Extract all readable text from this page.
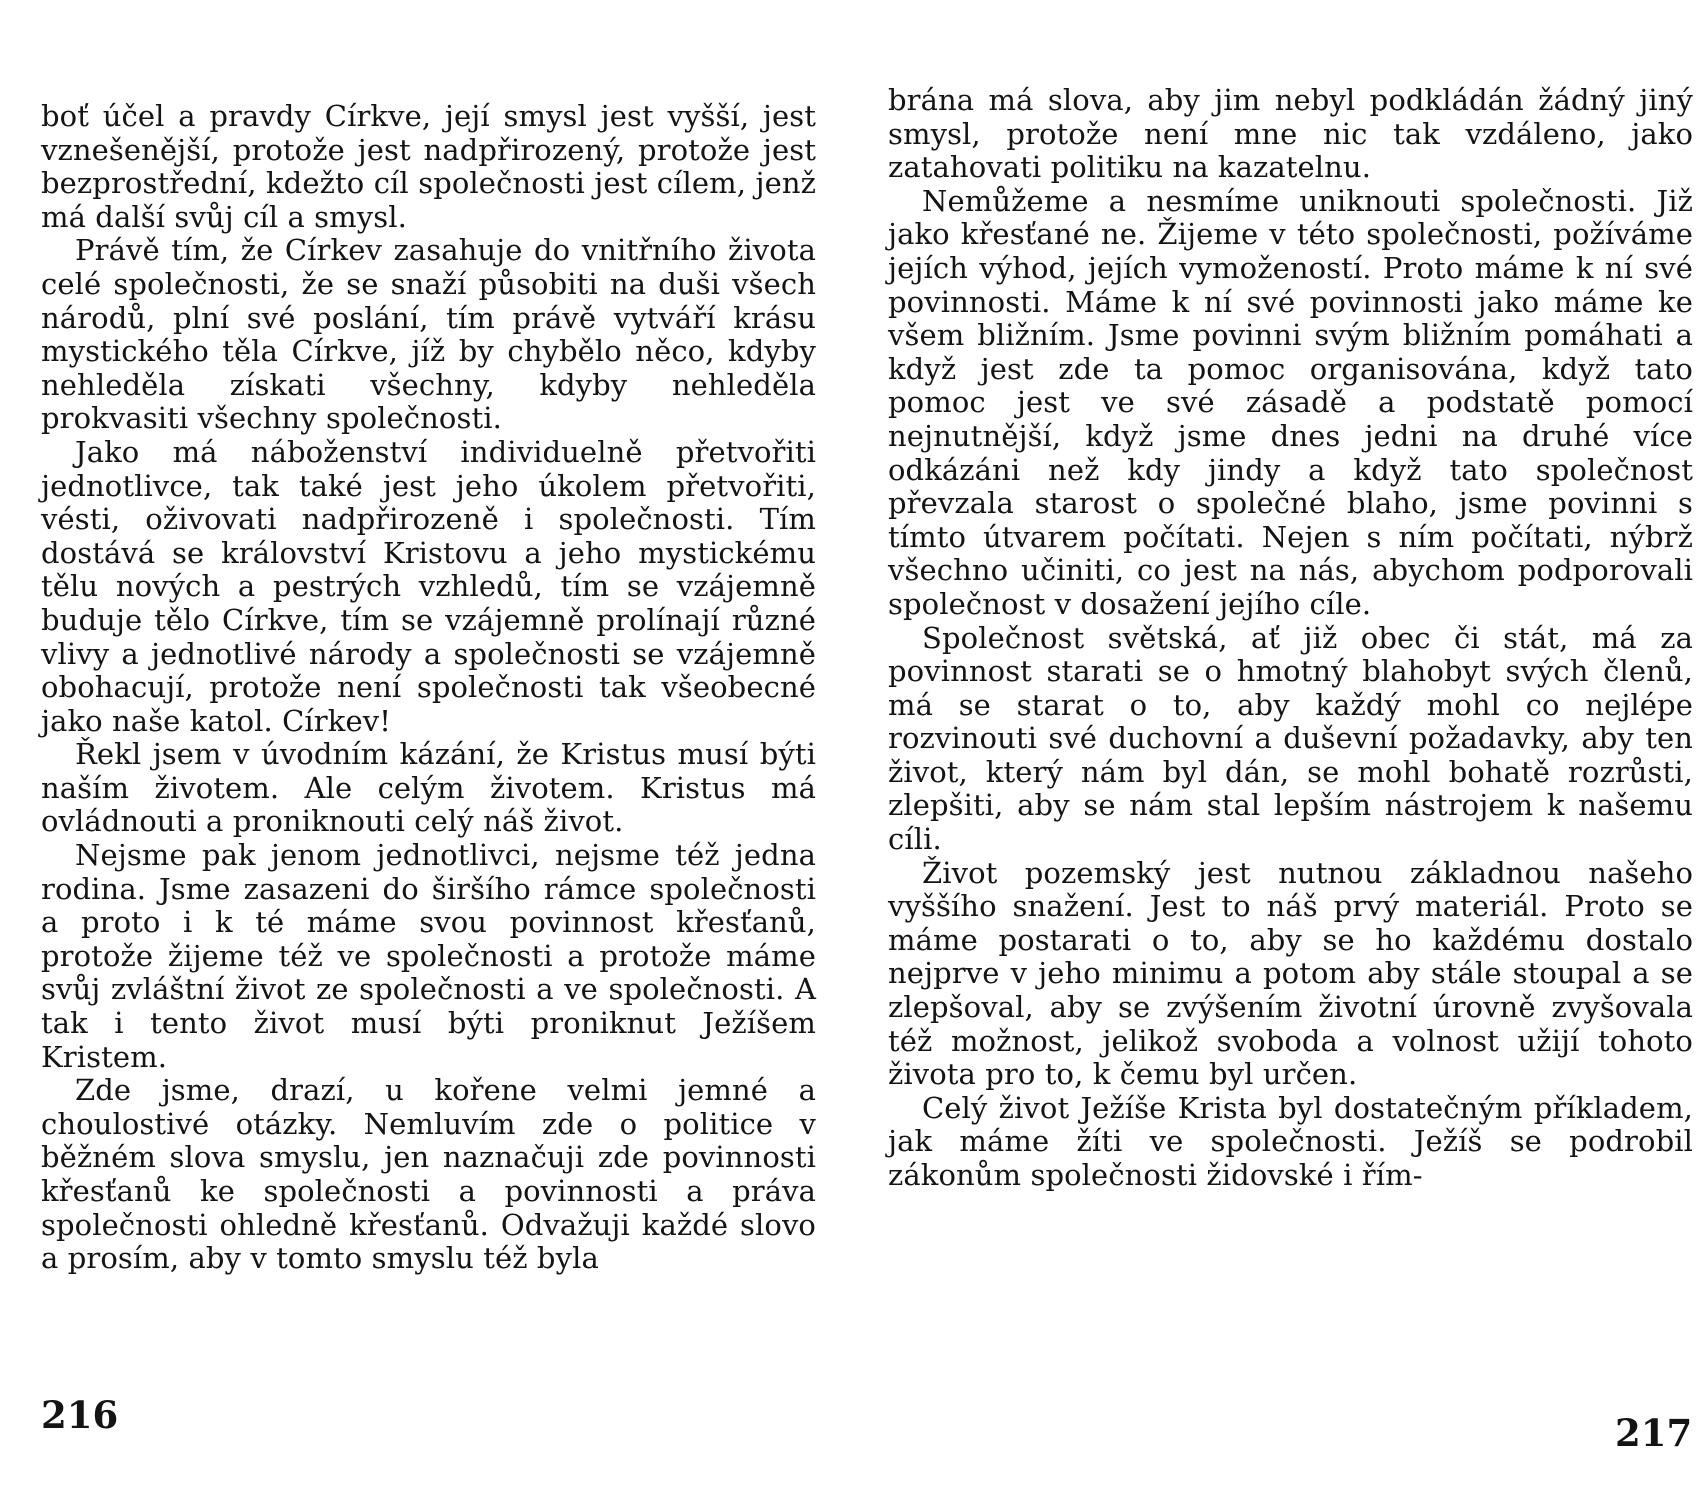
boť účel a pravdy Církve, její smysl jest vyšší, jest vznešenější, protože jest nadpřirozený, protože jest bezprostřední, kdežto cíl společnosti jest cílem, jenž má další svůj cíl a smysl.

Právě tím, že Církev zasahuje do vnitřního života celé společnosti, že se snaží působiti na duši všech národů, plní své poslání, tím právě vytváří krásu mystického těla Církve, jíž by chybělo něco, kdyby nehleděla získati všechny, kdyby nehleděla prokvasiti všechny společnosti.

Jako má náboženství individuelně přetvořiti jednotlivce, tak také jest jeho úkolem přetvořiti, vésti, oživovati nadpřirozeně i společnosti. Tím dostává se království Kristovu a jeho mystickému tělu nových a pestrých vzhledů, tím se vzájemně buduje tělo Církve, tím se vzájemně prolínají různé vlivy a jednotlivé národy a společnosti se vzájemně obohacují, protože není společnosti tak všeobecné jako naše katol. Církev!

Řekl jsem v úvodním kázání, že Kristus musí býti naším životem. Ale celým životem. Kristus má ovládnouti a proniknouti celý náš život.

Nejsme pak jenom jednotlivci, nejsme též jedna rodina. Jsme zasazeni do širšího rámce společnosti a proto i k té máme svou povinnost křesťanů, protože žijeme též ve společnosti a protože máme svůj zvláštní život ze společnosti a ve společnosti. A tak i tento život musí býti proniknut Ježíšem Kristem.

Zde jsme, drazí, u kořene velmi jemné a choulostivé otázky. Nemluvím zde o politice v běžném slova smyslu, jen naznačuji zde povinnosti křesťanů ke společnosti a povinnosti a práva společnosti ohledně křesťanů. Odvažuji každé slovo a prosím, aby v tomto smyslu též byla

216

brána má slova, aby jim nebyl podkládán žádný jiný smysl, protože není mne nic tak vzdáleno, jako zatahovati politiku na kazatelnu.

Nemůžeme a nesmíme uniknouti společnosti. Již jako křesťané ne. Žijeme v této společnosti, požíváme jejích výhod, jejích vymožeností. Proto máme k ní své povinnosti. Máme k ní své povinnosti jako máme ke všem bližním. Jsme povinni svým bližním pomáhati a když jest zde ta pomoc organisována, když tato pomoc jest ve své zásadě a podstatě pomocí nejnutnější, když jsme dnes jedni na druhé více odkázáni než kdy jindy a když tato společnost převzala starost o společné blaho, jsme povinni s tímto útvarem počítati. Nejen s ním počítati, nýbrž všechno učiniti, co jest na nás, abychom podporovali společnost v dosažení jejího cíle.

Společnost světská, ať již obec či stát, má za povinnost starati se o hmotný blahobyt svých členů, má se starat o to, aby každý mohl co nejlépe rozvinouti své duchovní a duševní požadavky, aby ten život, který nám byl dán, se mohl bohatě rozrůsti, zlepšiti, aby se nám stal lepším nástrojem k našemu cíli.

Život pozemský jest nutnou základnou našeho vyššího snažení. Jest to náš prvý materiál. Proto se máme postarati o to, aby se ho každému dostalo nejprve v jeho minimu a potom aby stále stoupal a se zlepšoval, aby se zvýšením životní úrovně zvyšovala též možnost, jelikož svoboda a volnost užijí tohoto života pro to, k čemu byl určen.

Celý život Ježíše Krista byl dostatečným příkladem, jak máme žíti ve společnosti. Ježíš se podrobil zákonům společnosti židovské i řím-

217
